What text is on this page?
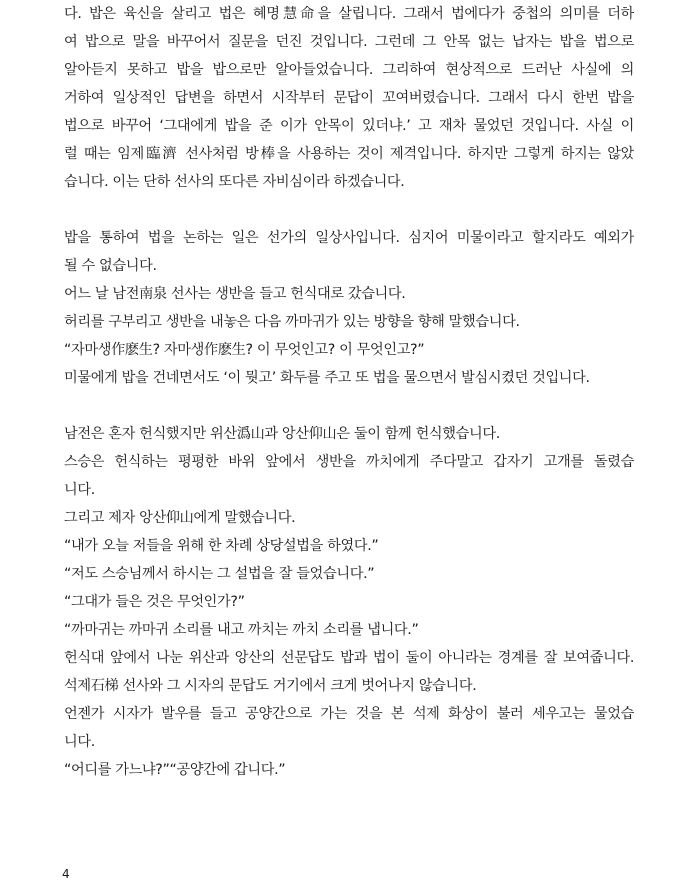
다. 밥은 육신을 살리고 법은 혜명慧命을 살립니다. 그래서 법에다가 중첩의 의미를 더하
여 밥으로 말을 바꾸어서 질문을 던진 것입니다. 그런데 그 안목 없는 납자는 밥을 법으로
알아듣지 못하고 밥을 밥으로만 알아들었습니다. 그리하여 현상적으로 드러난 사실에 의
거하여 일상적인 답변을 하면서 시작부터 문답이 꼬여버렸습니다. 그래서 다시 한번 밥을
법으로 바꾸어 ‘그대에게 밥을 준 이가 안목이 있더냐.’ 고 재차 물었던 것입니다. 사실 이
럴 때는 임제臨濟 선사처럼 방棒을 사용하는 것이 제격입니다. 하지만 그렇게 하지는 않았
습니다. 이는 단하 선사의 또다른 자비심이라 하겠습니다.
밥을 통하여 법을 논하는 일은 선가의 일상사입니다. 심지어 미물이라고 할지라도 예외가
될 수 없습니다.
어느 날 남전南泉 선사는 생반을 들고 헌식대로 갔습니다.
허리를 구부리고 생반을 내놓은 다음 까마귀가 있는 방향을 향해 말했습니다.
“자마생作麽生? 자마생作麽生? 이 무엇인고? 이 무엇인고?”
미물에게 밥을 건네면서도 ‘이 뭣고’ 화두를 주고 또 법을 물으면서 발심시켰던 것입니다.
남전은 혼자 헌식했지만 위산潙山과 앙산仰山은 둘이 함께 헌식했습니다.
스승은 헌식하는 평평한 바위 앞에서 생반을 까치에게 주다말고 갑자기 고개를 돌렸습
니다.
그리고 제자 앙산仰山에게 말했습니다.
“내가 오늘 저들을 위해 한 차례 상당설법을 하였다.”
“저도 스승님께서 하시는 그 설법을 잘 들었습니다.”
“그대가 들은 것은 무엇인가?”
“까마귀는 까마귀 소리를 내고 까치는 까치 소리를 냅니다.”
헌식대 앞에서 나눈 위산과 앙산의 선문답도 밥과 법이 둘이 아니라는 경계를 잘 보여줍니다.
석제石梯 선사와 그 시자의 문답도 거기에서 크게 벗어나지 않습니다.
언젠가 시자가 발우를 들고 공양간으로 가는 것을 본 석제 화상이 불러 세우고는 물었습
니다.
“어디를 가느냐?”“공양간에 갑니다.”
4
